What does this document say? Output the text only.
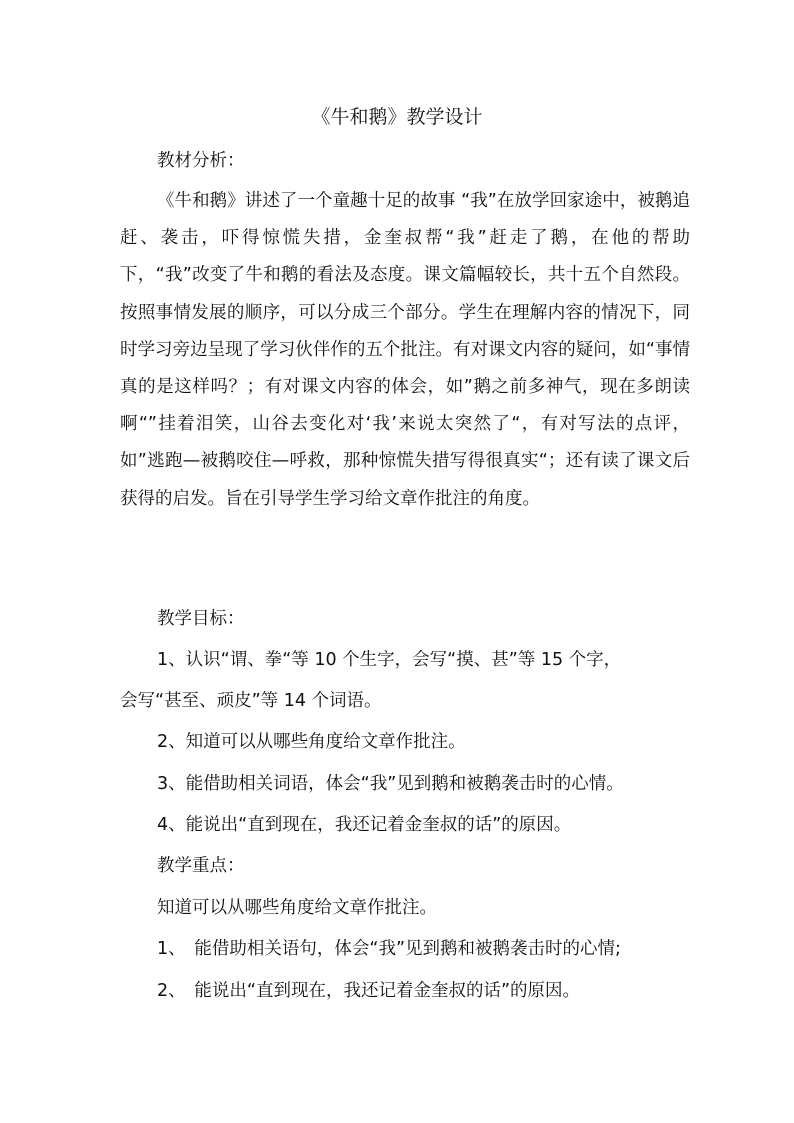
《牛和鹅》教学设计
教材分析：

《牛和鹅》讲述了一个童趣十足的故事 “我”在放学回家途中，被鹅追赶、袭击，吓得惊慌失措，金奎叔帮“我”赶走了鹅，在他的帮助下，“我”改变了牛和鹅的看法及态度。课文篇幅较长，共十五个自然段。按照事情发展的顺序，可以分成三个部分。学生在理解内容的情况下，同时学习旁边呈现了学习伙伴作的五个批注。有对课文内容的疑问，如“事情真的是这样吗？；有对课文内容的体会，如”鹅之前多神气，现在多朗读啊“”挂着泪笑，山谷去变化对‘我’来说太突然了“，有对写法的点评，如”逃跑—被鹅咬住—呼救，那种惊慌失措写得很真实“；还有读了课文后获得的启发。旨在引导学生学习给文章作批注的角度。

教学目标：
1、认识“谓、拳“等 10 个生字，会写“摸、甚”等 15 个字，
会写“甚至、顽皮”等 14 个词语。
2、知道可以从哪些角度给文章作批注。
3、能借助相关词语，体会“我”见到鹅和被鹅袭击时的心情。
4、能说出“直到现在，我还记着金奎叔的话”的原因。
教学重点：
知道可以从哪些角度给文章作批注。
1、　能借助相关语句，体会“我”见到鹅和被鹅袭击时的心情;
2、　能说出“直到现在，我还记着金奎叔的话”的原因。
